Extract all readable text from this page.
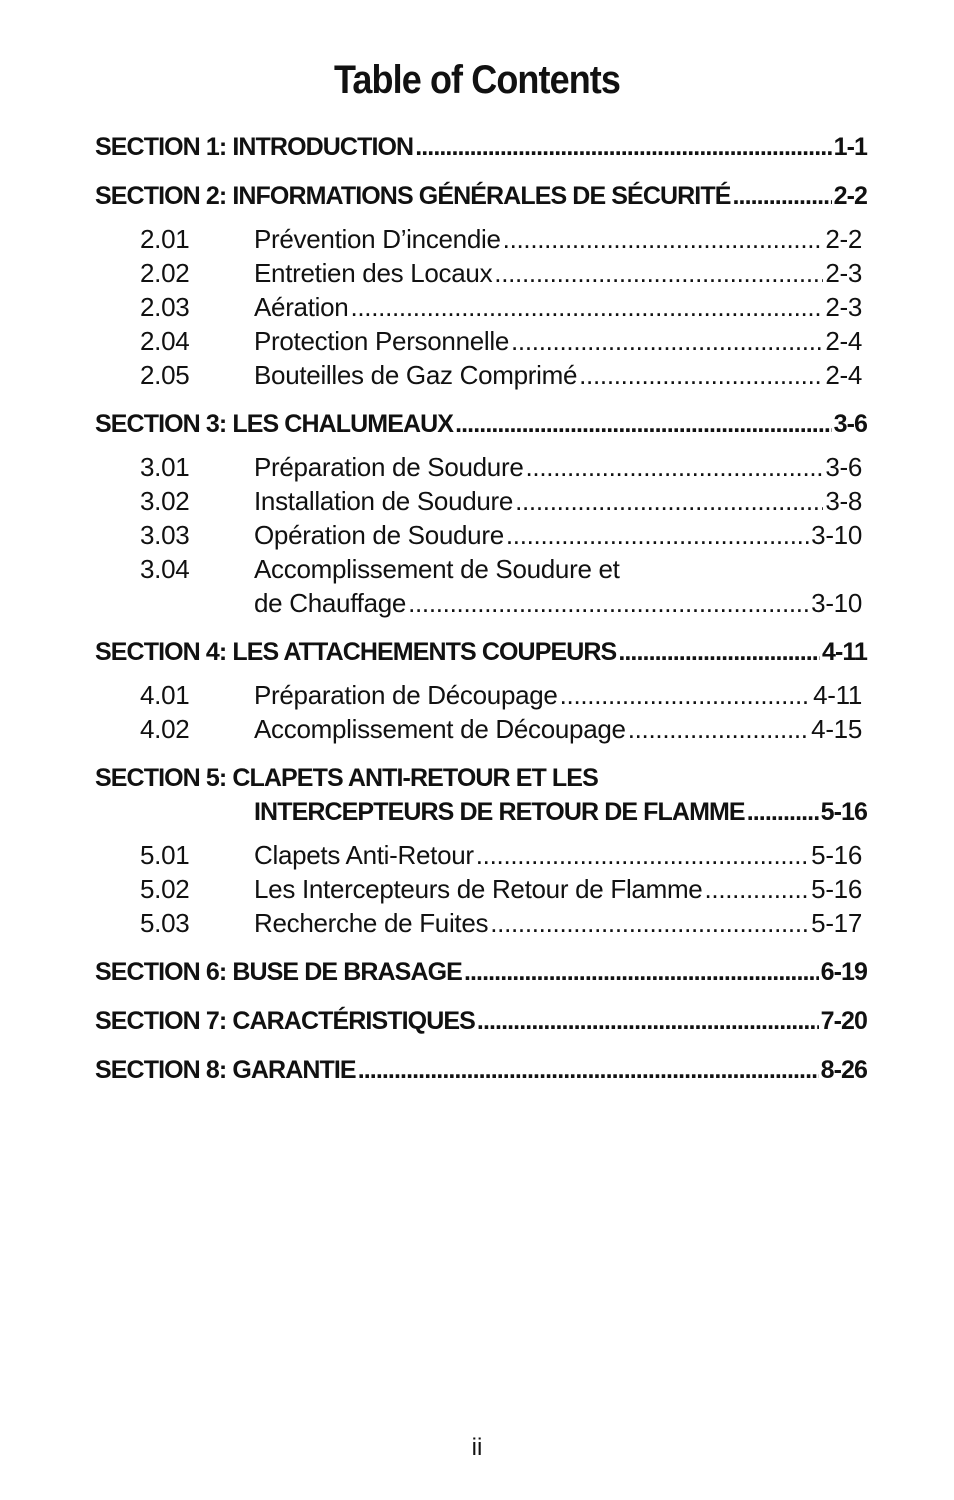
Table of Contents
SECTION 1: INTRODUCTION .....	1-1
SECTION 2: INFORMATIONS GÉNÉRALES DE SÉCURITÉ .....	2-2
2.01	Prévention D’incendie .....	2-2
2.02	Entretien des Locaux .....	2-3
2.03	Aération .....	2-3
2.04	Protection Personnelle .....	2-4
2.05	Bouteilles de Gaz Comprimé .....	2-4
SECTION 3: LES CHALUMEAUX .....	3-6
3.01	Préparation de Soudure .....	3-6
3.02	Installation de Soudure .....	3-8
3.03	Opération de Soudure .....	3-10
3.04	Accomplissement de Soudure et
de Chauffage .....	3-10
SECTION 4: LES ATTACHEMENTS COUPEURS .....	4-11
4.01	Préparation de Découpage .....	4-11
4.02	Accomplissement de Découpage .....	4-15
SECTION 5: CLAPETS ANTI-RETOUR ET LES
INTERCEPTEURS DE RETOUR DE FLAMME .....	5-16
5.01	Clapets Anti-Retour .....	5-16
5.02	Les Intercepteurs de Retour de Flamme .....	5-16
5.03	Recherche de Fuites .....	5-17
SECTION 6: BUSE DE BRASAGE .....	6-19
SECTION 7: CARACTÉRISTIQUES .....	7-20
SECTION 8: GARANTIE .....	8-26
ii
